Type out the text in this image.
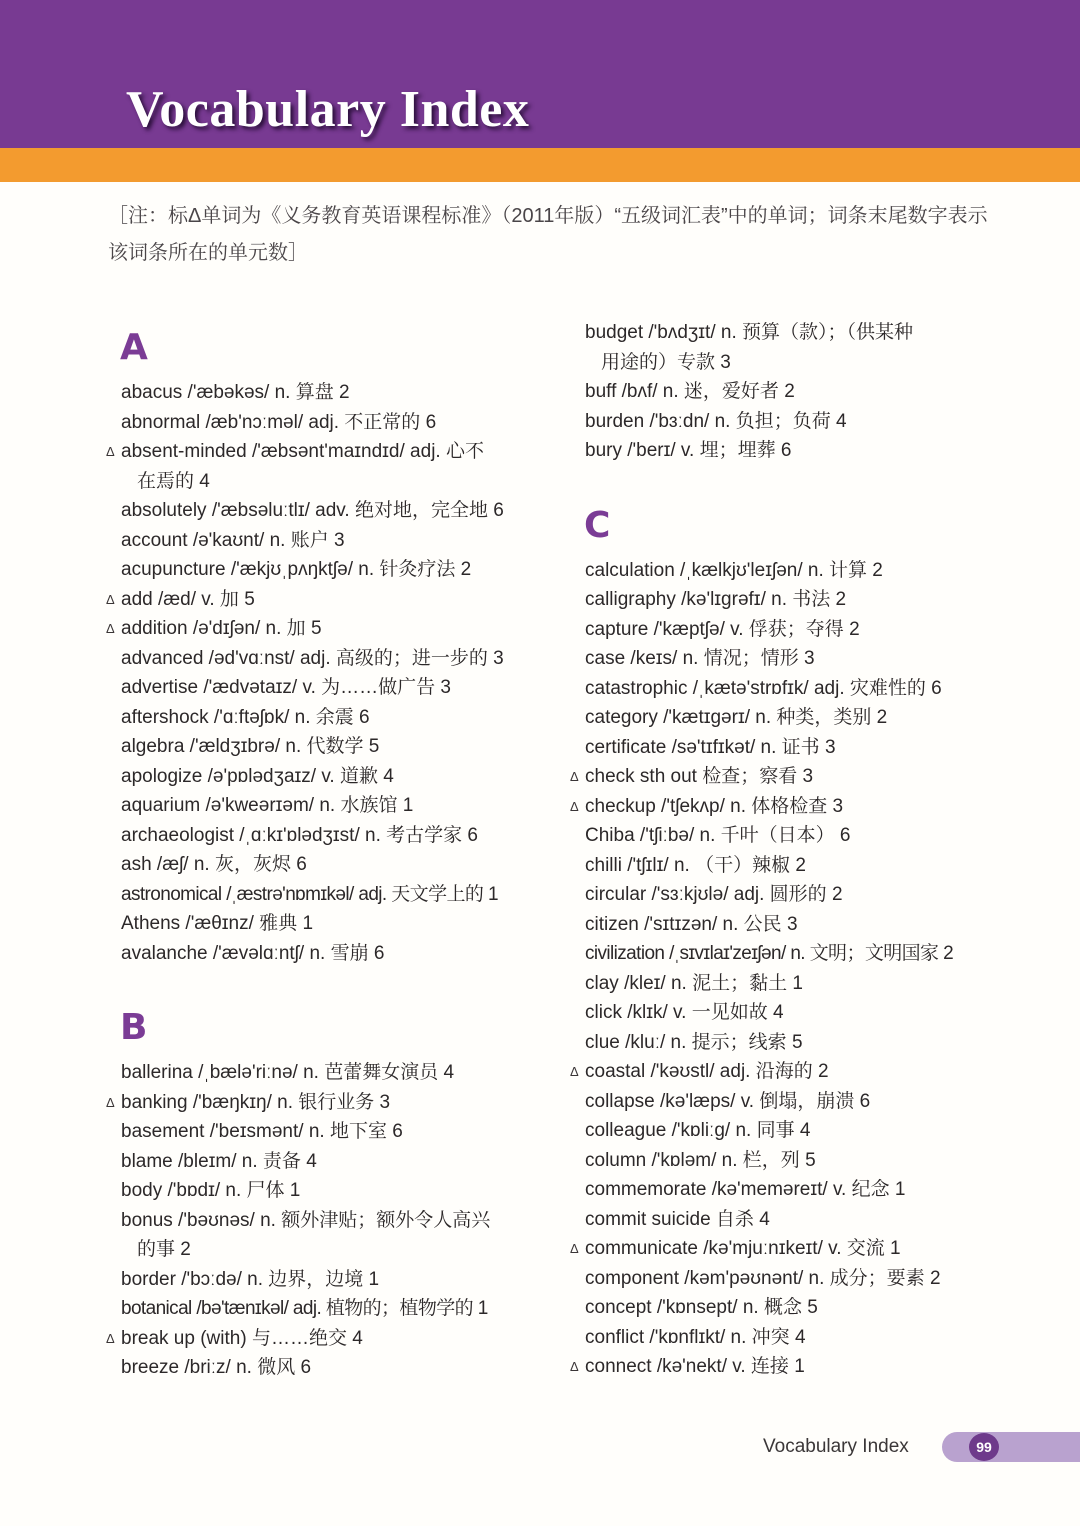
Vocabulary Index
［注：标Δ单词为《义务教育英语课程标准》（2011年版）“五级词汇表”中的单词；词条末尾数字表示该词条所在的单元数］
A
abacus /'æbəkəs/ n. 算盘 2
abnormal /æb'nɔːməl/ adj. 不正常的 6
Δ absent-minded /'æbsənt'maɪndɪd/ adj. 心不
在焉的 4
absolutely /'æbsəluːtlɪ/ adv. 绝对地，完全地 6
account /ə'kaʊnt/ n. 账户 3
acupuncture /'ækjʊˌpʌŋktʃə/ n. 针灸疗法 2
Δ add /æd/ v. 加 5
Δ addition /ə'dɪʃən/ n. 加 5
advanced /əd'vɑːnst/ adj. 高级的；进一步的 3
advertise /'ædvətaɪz/ v. 为……做广告 3
aftershock /'ɑːftəʃɒk/ n. 余震 6
algebra /'ældʒɪbrə/ n. 代数学 5
apologize /ə'pɒlədʒaɪz/ v. 道歉 4
aquarium /ə'kweərɪəm/ n. 水族馆 1
archaeologist /ˌɑːkɪ'ɒlədʒɪst/ n. 考古学家 6
ash /æʃ/ n. 灰，灰烬 6
astronomical /ˌæstrə'nɒmɪkəl/ adj. 天文学上的 1
Athens /'æθɪnz/ 雅典 1
avalanche /'ævəlɑːntʃ/ n. 雪崩 6
B
ballerina /ˌbælə'riːnə/ n. 芭蕾舞女演员 4
Δ banking /'bæŋkɪŋ/ n. 银行业务 3
basement /'beɪsmənt/ n. 地下室 6
blame /bleɪm/ n. 责备 4
body /'bɒdɪ/ n. 尸体 1
bonus /'bəʊnəs/ n. 额外津贴；额外令人高兴
的事 2
border /'bɔːdə/ n. 边界，边境 1
botanical /bə'tænɪkəl/ adj. 植物的；植物学的 1
Δ break up (with) 与……绝交 4
breeze /briːz/ n. 微风 6
budget /'bʌdʒɪt/ n. 预算（款）；（供某种
用途的）专款 3
buff /bʌf/ n. 迷，爱好者 2
burden /'bɜːdn/ n. 负担；负荷 4
bury /'berɪ/ v. 埋；埋葬 6
C
calculation /ˌkælkjʊ'leɪʃən/ n. 计算 2
calligraphy /kə'lɪgrəfɪ/ n. 书法 2
capture /'kæptʃə/ v. 俘获；夺得 2
case /keɪs/ n. 情况；情形 3
catastrophic /ˌkætə'strɒfɪk/ adj. 灾难性的 6
category /'kætɪgərɪ/ n. 种类，类别 2
certificate /sə'tɪfɪkət/ n. 证书 3
Δ check sth out 检查；察看 3
Δ checkup /'tʃekʌp/ n. 体格检查 3
Chiba /'tʃiːbə/ n. 千叶（日本） 6
chilli /'tʃɪlɪ/ n. （干）辣椒 2
circular /'sɜːkjʊlə/ adj. 圆形的 2
citizen /'sɪtɪzən/ n. 公民 3
civilization /ˌsɪvɪlaɪ'zeɪʃən/ n. 文明；文明国家 2
clay /kleɪ/ n. 泥土；黏土 1
click /klɪk/ v. 一见如故 4
clue /kluː/ n. 提示；线索 5
Δ coastal /'kəʊstl/ adj. 沿海的 2
collapse /kə'læps/ v. 倒塌，崩溃 6
colleague /'kɒliːg/ n. 同事 4
column /'kɒləm/ n. 栏，列 5
commemorate /kə'meməreɪt/ v. 纪念 1
commit suicide 自杀 4
Δ communicate /kə'mjuːnɪkeɪt/ v. 交流 1
component /kəm'pəʊnənt/ n. 成分；要素 2
concept /'kɒnsept/ n. 概念 5
conflict /'kɒnflɪkt/ n. 冲突 4
Δ connect /kə'nekt/ v. 连接 1
Vocabulary Index	99
